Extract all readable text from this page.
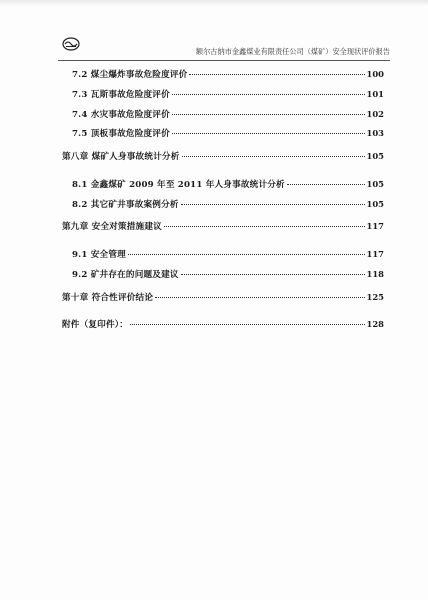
额尔古纳市金鑫煤业有限责任公司（煤矿）安全现状评价报告
7.2 煤尘爆炸事故危险度评价	100
7.3 瓦斯事故危险度评价	101
7.4 水灾事故危险度评价	102
7.5 顶板事故危险度评价	103
第八章 煤矿人身事故统计分析	105
8.1 金鑫煤矿 2009 年至 2011 年人身事故统计分析	105
8.2 其它矿井事故案例分析	105
第九章 安全对策措施建议	117
9.1 安全管理	117
9.2 矿井存在的问题及建议	118
第十章 符合性评价结论	125
附件（复印件）：	128
